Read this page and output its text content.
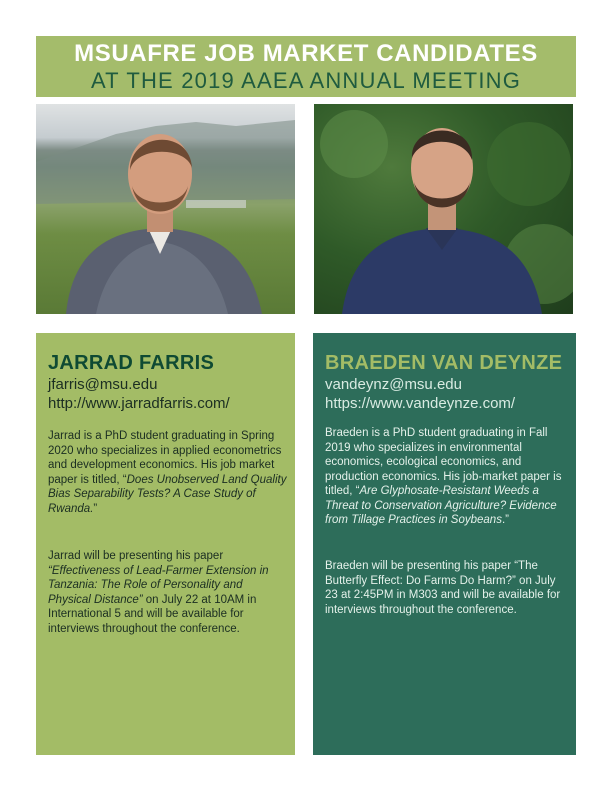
MSUAFRE JOB MARKET CANDIDATES
AT THE 2019 AAEA ANNUAL MEETING
JARRAD FARRIS
jfarris@msu.edu
http://www.jarradfarris.com/

Jarrad is a PhD student graduating in Spring 2020 who specializes in applied econometrics and development economics. His job market paper is titled, “Does Unobserved Land Quality Bias Separability Tests? A Case Study of Rwanda.”

Jarrad will be presenting his paper “Effectiveness of Lead-Farmer Extension in Tanzania: The Role of Personality and Physical Distance” on July 22 at 10AM in International 5 and will be available for interviews throughout the conference.

BRAEDEN VAN DEYNZE
vandeynz@msu.edu
https://www.vandeynze.com/

Braeden is a PhD student graduating in Fall 2019 who specializes in environmental economics, ecological economics, and production economics. His job-market paper is titled, “Are Glyphosate-Resistant Weeds a Threat to Conservation Agriculture? Evidence from Tillage Practices in Soybeans.”

Braeden will be presenting his paper “The Butterfly Effect: Do Farms Do Harm?” on July 23 at 2:45PM in M303 and will be available for interviews throughout the conference.
